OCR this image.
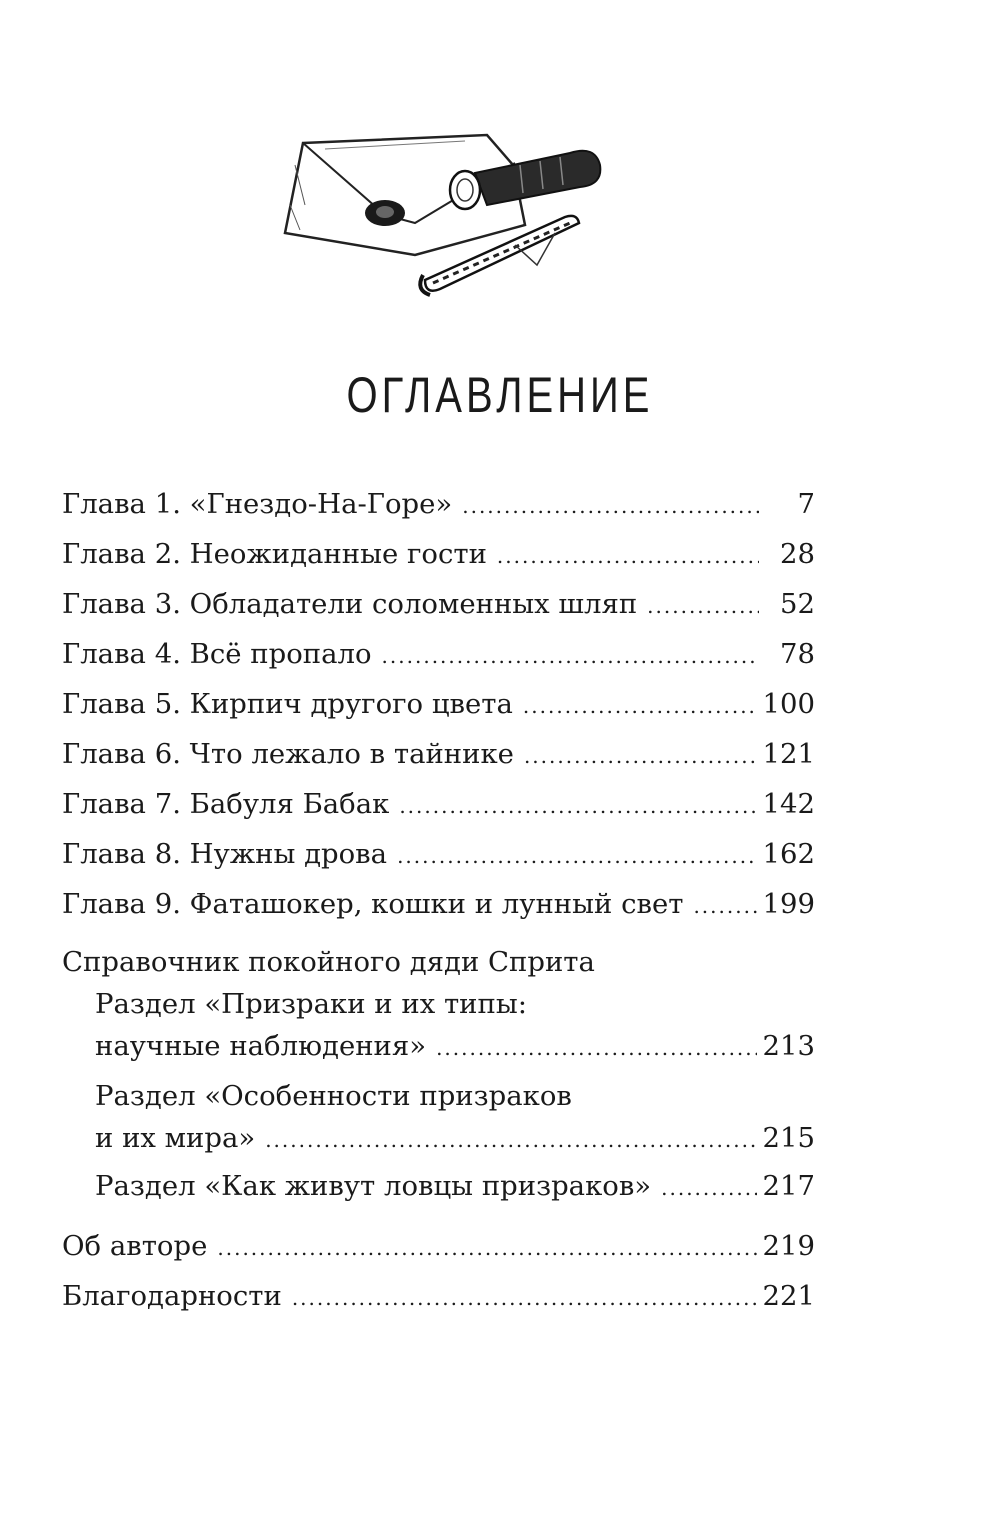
ОГЛАВЛЕНИЕ
Глава 1. «Гнездо-На-Горе» .....	7
Глава 2. Неожиданные гости .....	28
Глава 3. Обладатели соломенных шляп .....	52
Глава 4. Всё пропало .....	78
Глава 5. Кирпич другого цвета .....	100
Глава 6. Что лежало в тайнике .....	121
Глава 7. Бабуля Бабак .....	142
Глава 8. Нужны дрова .....	162
Глава 9. Фаташокер, кошки и лунный свет .....	199
Справочник покойного дяди Сприта
Раздел «Призраки и их типы:
научные наблюдения» .....	213
Раздел «Особенности призраков
и их мира» .....	215
Раздел «Как живут ловцы призраков» .....	217
Об авторе .....	219
Благодарности .....	221
